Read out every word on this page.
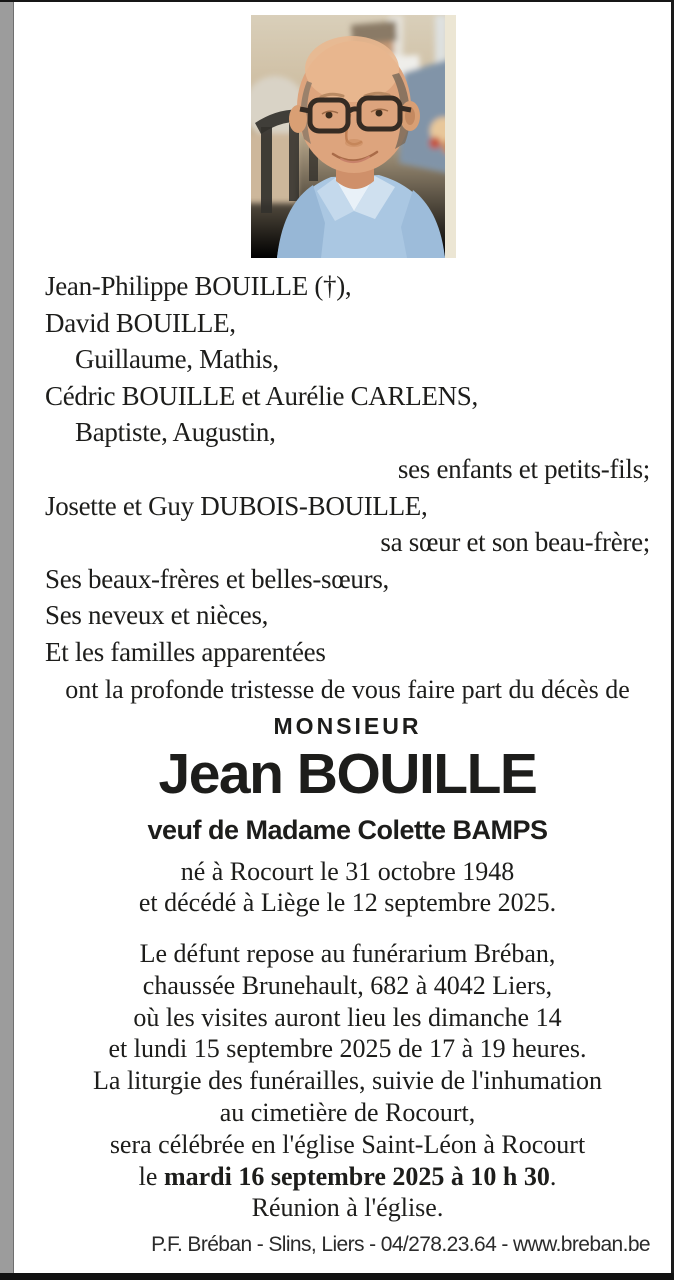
Jean-Philippe BOUILLE (†),
David BOUILLE,
Guillaume, Mathis,
Cédric BOUILLE et Aurélie CARLENS,
Baptiste, Augustin,
ses enfants et petits-fils;
Josette et Guy DUBOIS-BOUILLE,
sa sœur et son beau-frère;
Ses beaux-frères et belles-sœurs,
Ses neveux et nièces,
Et les familles apparentées
ont la profonde tristesse de vous faire part du décès de
MONSIEUR
Jean BOUILLE
veuf de Madame Colette BAMPS
né à Rocourt le 31 octobre 1948
et décédé à Liège le 12 septembre 2025.
Le défunt repose au funérarium Bréban,
chaussée Brunehault, 682 à 4042 Liers,
où les visites auront lieu les dimanche 14
et lundi 15 septembre 2025 de 17 à 19 heures.
La liturgie des funérailles, suivie de l'inhumation
au cimetière de Rocourt,
sera célébrée en l'église Saint-Léon à Rocourt
le mardi 16 septembre 2025 à 10 h 30.
Réunion à l'église.
P.F. Bréban - Slins, Liers - 04/278.23.64 - www.breban.be
